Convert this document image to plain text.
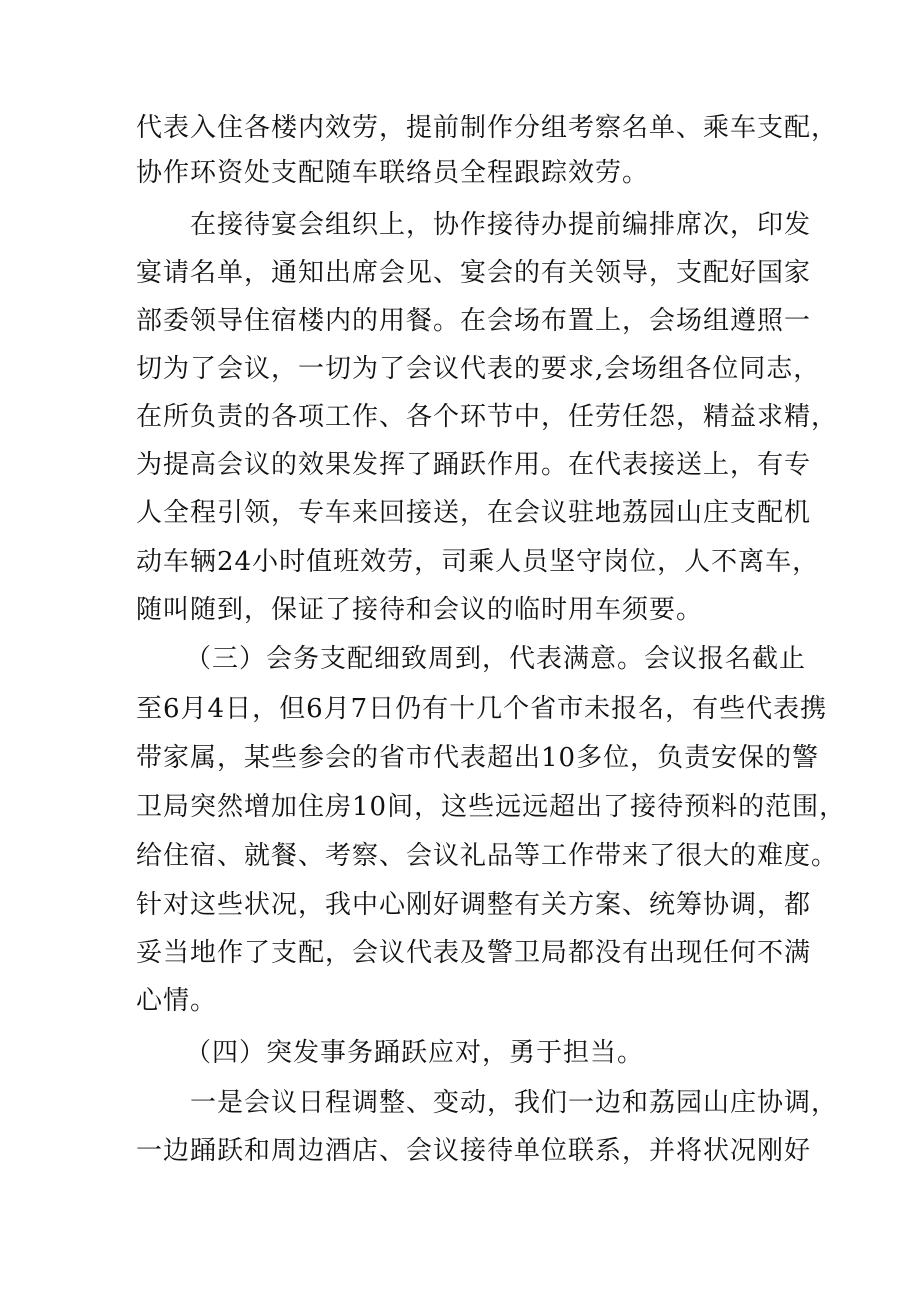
代表入住各楼内效劳，提前制作分组考察名单、乘车支配，
协作环资处支配随车联络员全程跟踪效劳。
在接待宴会组织上，协作接待办提前编排席次，印发
宴请名单，通知出席会见、宴会的有关领导，支配好国家
部委领导住宿楼内的用餐。在会场布置上，会场组遵照一
切为了会议，一切为了会议代表的要求,会场组各位同志，
在所负责的各项工作、各个环节中，任劳任怨，精益求精，
为提高会议的效果发挥了踊跃作用。在代表接送上，有专
人全程引领，专车来回接送，在会议驻地荔园山庄支配机
动车辆24小时值班效劳，司乘人员坚守岗位，人不离车，
随叫随到，保证了接待和会议的临时用车须要。
（三）会务支配细致周到，代表满意。会议报名截止
至6月4日，但6月7日仍有十几个省市未报名，有些代表携
带家属，某些参会的省市代表超出10多位，负责安保的警
卫局突然增加住房10间，这些远远超出了接待预料的范围，
给住宿、就餐、考察、会议礼品等工作带来了很大的难度。
针对这些状况，我中心刚好调整有关方案、统筹协调，都
妥当地作了支配，会议代表及警卫局都没有出现任何不满
心情。
（四）突发事务踊跃应对，勇于担当。
一是会议日程调整、变动，我们一边和荔园山庄协调，
一边踊跃和周边酒店、会议接待单位联系，并将状况刚好
